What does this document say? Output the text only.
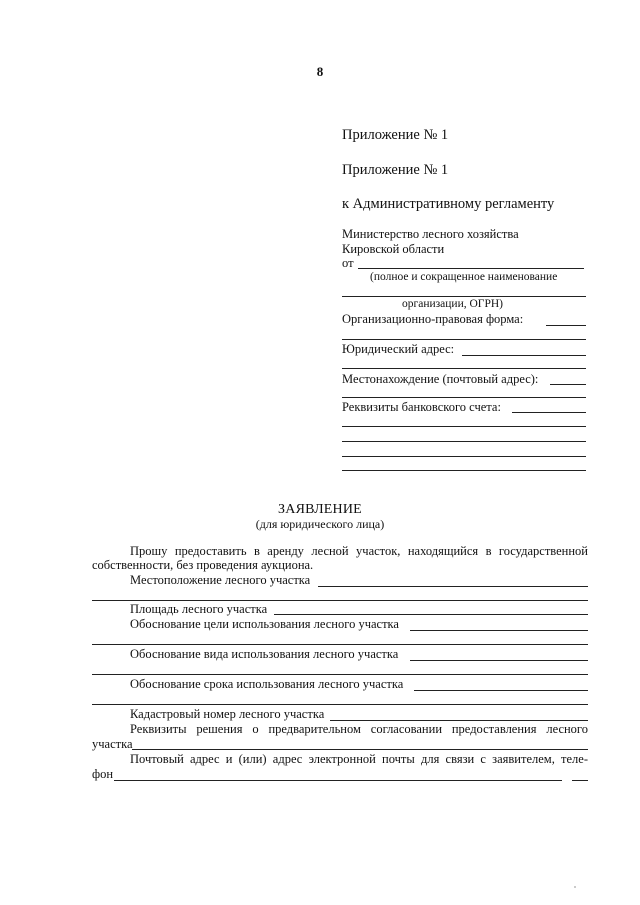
8
Приложение № 1
Приложение № 1
к Административному регламенту
Министерство лесного хозяйства
Кировской области
от
(полное и сокращенное наименование
организации, ОГРН)
Организационно-правовая форма:
Юридический адрес:
Местонахождение (почтовый адрес):
Реквизиты банковского счета:
ЗАЯВЛЕНИЕ
(для юридического лица)
Прошу предоставить в аренду лесной участок, находящийся в государственной
собственности, без проведения аукциона.
Местоположение лесного участка
Площадь лесного участка
Обоснование цели использования лесного участка
Обоснование вида использования лесного участка
Обоснование срока использования лесного участка
Кадастровый номер лесного участка
Реквизиты решения о предварительном согласовании предоставления лесного
участка
Почтовый адрес и (или) адрес электронной почты для связи с заявителем, теле-
фон
